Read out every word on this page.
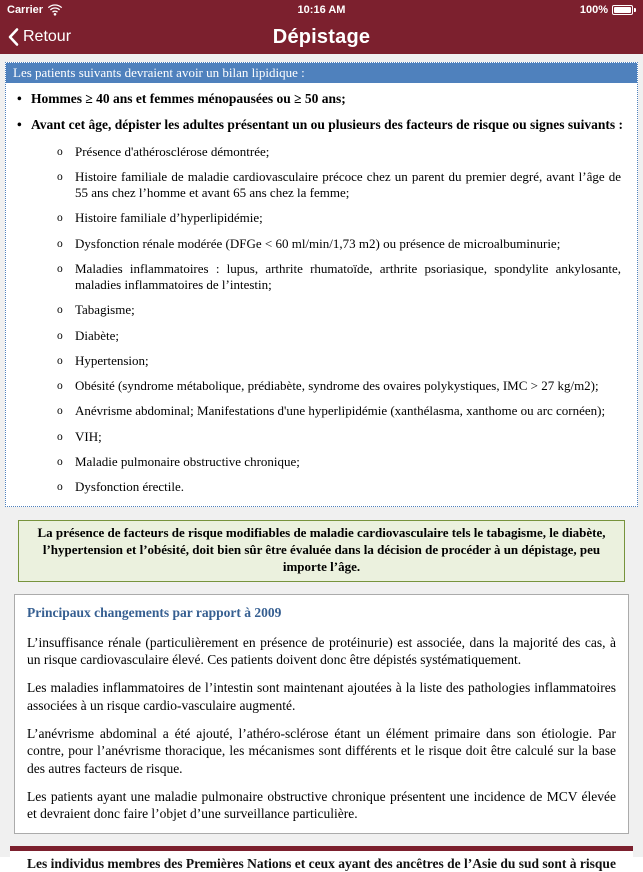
Carrier	10:16 AM	100%
Retour	Dépistage
Les patients suivants devraient avoir un bilan lipidique :
• Hommes ≥ 40 ans et femmes ménopausées ou ≥ 50 ans;
• Avant cet âge, dépister les adultes présentant un ou plusieurs des facteurs de risque ou signes suivants :
o Présence d'athérosclérose démontrée;
o Histoire familiale de maladie cardiovasculaire précoce chez un parent du premier degré, avant l’âge de 55 ans chez l’homme et avant 65 ans chez la femme;
o Histoire familiale d’hyperlipidémie;
o Dysfonction rénale modérée (DFGe < 60 ml/min/1,73 m2) ou présence de microalbuminurie;
o Maladies inflammatoires : lupus, arthrite rhumatoïde, arthrite psoriasique, spondylite ankylosante, maladies inflammatoires de l’intestin;
o Tabagisme;
o Diabète;
o Hypertension;
o Obésité (syndrome métabolique, prédiabète, syndrome des ovaires polykystiques, IMC > 27 kg/m2);
o Anévrisme abdominal; Manifestations d'une hyperlipidémie (xanthélasma, xanthome ou arc cornéen);
o VIH;
o Maladie pulmonaire obstructive chronique;
o Dysfonction érectile.
La présence de facteurs de risque modifiables de maladie cardiovasculaire tels le tabagisme, le diabète, l’hypertension et l’obésité, doit bien sûr être évaluée dans la décision de procéder à un dépistage, peu importe l’âge.
Principaux changements par rapport à 2009

L’insuffisance rénale (particulièrement en présence de protéinurie) est associée, dans la majorité des cas, à un risque cardiovasculaire élevé. Ces patients doivent donc être dépistés systématiquement.

Les maladies inflammatoires de l’intestin sont maintenant ajoutées à la liste des pathologies inflammatoires associées à un risque cardio-vasculaire augmenté.

L’anévrisme abdominal a été ajouté, l’athéro-sclérose étant un élément primaire dans son étiologie. Par contre, pour l’anévrisme thoracique, les mécanismes sont différents et le risque doit être calculé sur la base des autres facteurs de risque.

Les patients ayant une maladie pulmonaire obstructive chronique présentent une incidence de MCV élevée et devraient donc faire l’objet d’une surveillance particulière.

Les individus membres des Premières Nations et ceux ayant des ancêtres de l’Asie du sud sont à risque
